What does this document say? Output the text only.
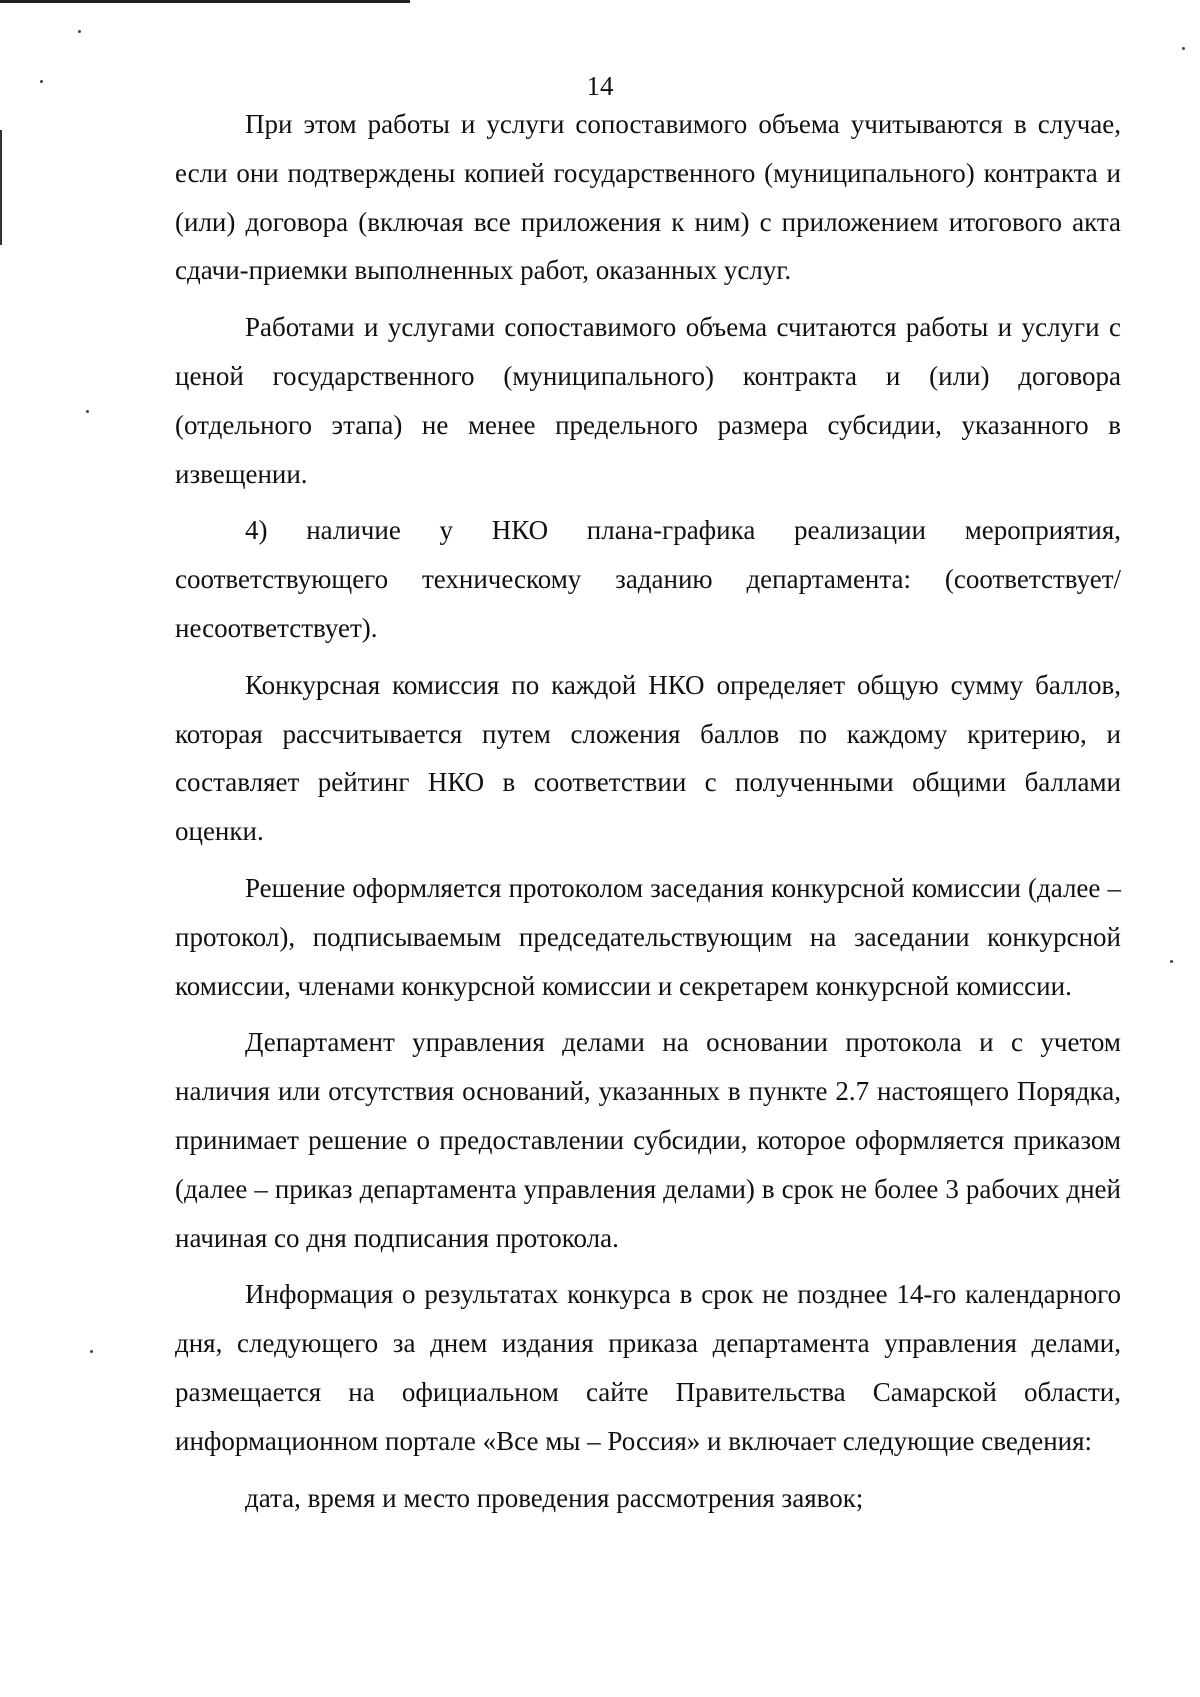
14

При этом работы и услуги сопоставимого объема учитываются в случае, если они подтверждены копией государственного (муниципального) контракта и (или) договора (включая все приложения к ним) с приложением итогового акта сдачи-приемки выполненных работ, оказанных услуг.

Работами и услугами сопоставимого объема считаются работы и услуги с ценой государственного (муниципального) контракта и (или) договора (отдельного этапа) не менее предельного размера субсидии, указанного в извещении.

4) наличие у НКО плана-графика реализации мероприятия, соответствующего техническому заданию департамента: (соответствует/несоответствует).

Конкурсная комиссия по каждой НКО определяет общую сумму баллов, которая рассчитывается путем сложения баллов по каждому критерию, и составляет рейтинг НКО в соответствии с полученными общими баллами оценки.

Решение оформляется протоколом заседания конкурсной комиссии (далее – протокол), подписываемым председательствующим на заседании конкурсной комиссии, членами конкурсной комиссии и секретарем конкурсной комиссии.

Департамент управления делами на основании протокола и с учетом наличия или отсутствия оснований, указанных в пункте 2.7 настоящего Порядка, принимает решение о предоставлении субсидии, которое оформляется приказом (далее – приказ департамента управления делами) в срок не более 3 рабочих дней начиная со дня подписания протокола.

Информация о результатах конкурса в срок не позднее 14-го календарного дня, следующего за днем издания приказа департамента управления делами, размещается на официальном сайте Правительства Самарской области, информационном портале «Все мы – Россия» и включает следующие сведения:

дата, время и место проведения рассмотрения заявок;
